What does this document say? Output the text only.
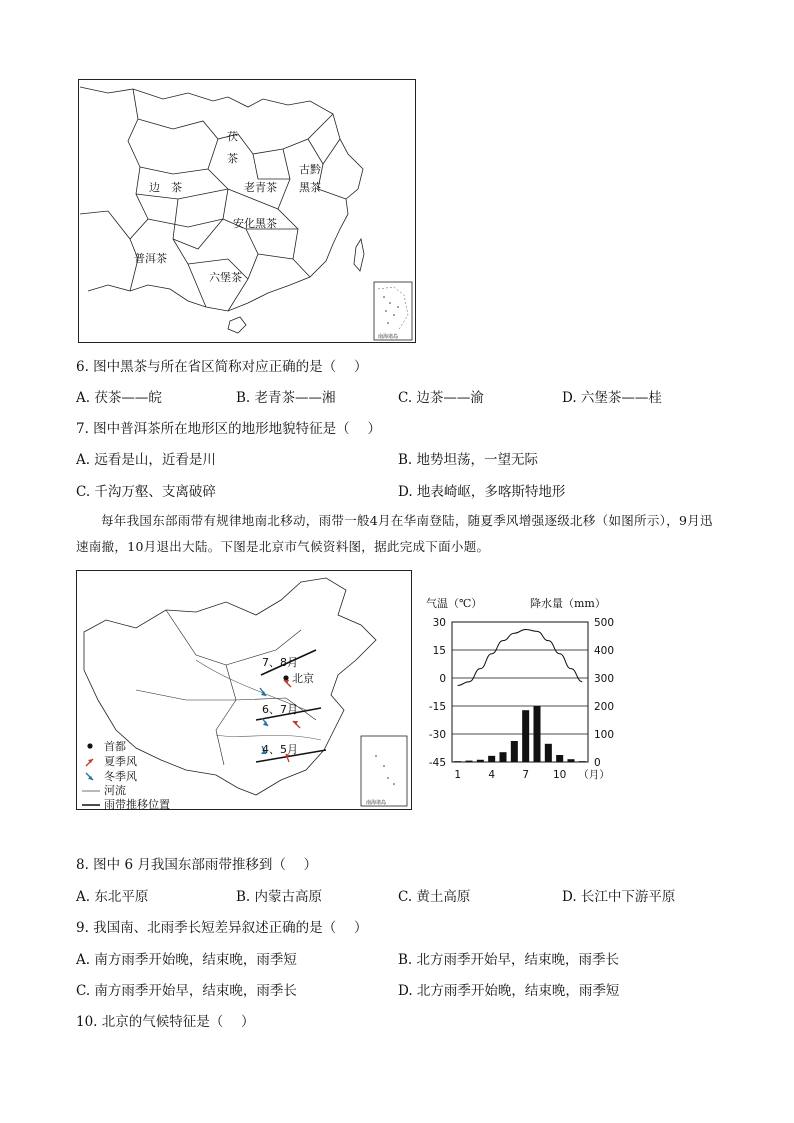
南海诸岛
茯
茶
边　茶	老青茶
古黔
黑茶
安化黑茶
普洱茶
六堡茶
6. 图中黑茶与所在省区简称对应正确的是（　 ）
A. 茯茶——皖	B. 老青茶——湘	C. 边茶——渝	D. 六堡茶——桂
7. 图中普洱茶所在地形区的地形地貌特征是（　 ）
A. 远看是山，近看是川	B. 地势坦荡，一望无际
C. 千沟万壑、支离破碎	D. 地表崎岖，多喀斯特地形
每年我国东部雨带有规律地南北移动，雨带一般4月在华南登陆，随夏季风增强逐级北移（如图所示），9月迅速南撤，10月退出大陆。下图是北京市气候资料图，据此完成下面小题。
7、8月
6、7月
4、5月
北京
南海诸岛
首都
夏季风
冬季风
河流
雨带推移位置
气温（℃）	降水量（mm）
30
15
0
-15
-30
-45
500
400
300
200
100
0
1	4	7 10 （月）
8. 图中 6 月我国东部雨带推移到（　 ）
A. 东北平原	B. 内蒙古高原	C. 黄土高原	D. 长江中下游平原
9. 我国南、北雨季长短差异叙述正确的是（　 ）
A. 南方雨季开始晚，结束晚，雨季短	B. 北方雨季开始早，结束晚，雨季长
C. 南方雨季开始早，结束晚，雨季长	D. 北方雨季开始晚，结束晚，雨季短
10. 北京的气候特征是（　 ）
